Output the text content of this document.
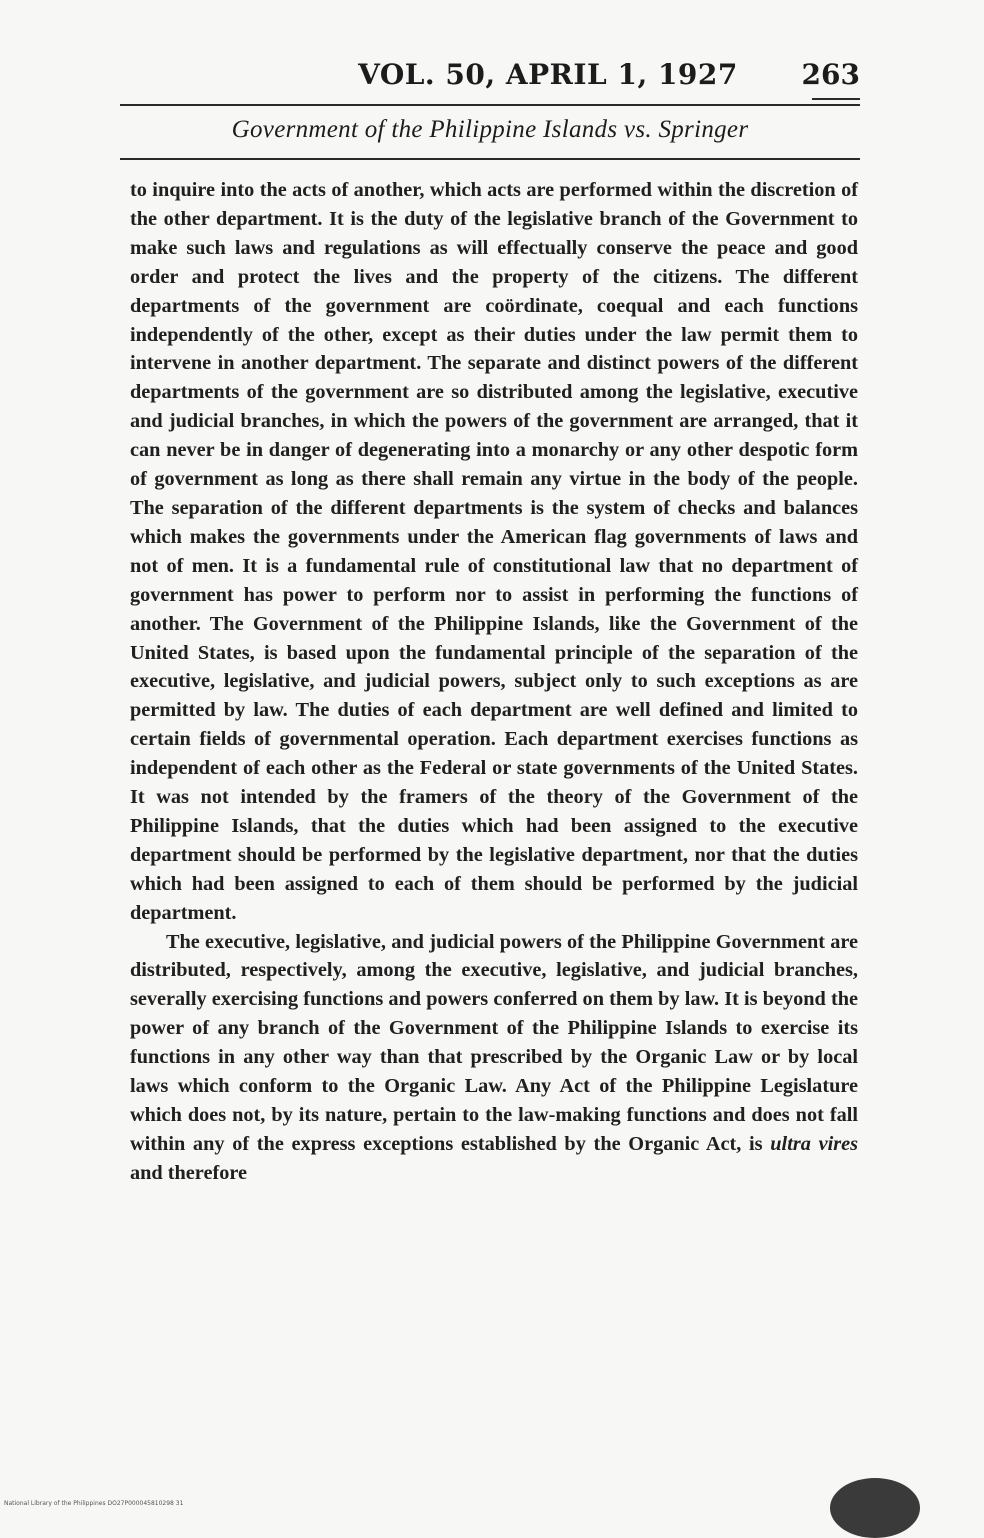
VOL. 50, APRIL 1, 1927	263
Government of the Philippine Islands vs. Springer

to inquire into the acts of another, which acts are performed within the discretion of the other department. It is the duty of the legislative branch of the Government to make such laws and regulations as will effectually conserve the peace and good order and protect the lives and the property of the citizens. The different departments of the government are coördinate, coequal and each functions independently of the other, except as their duties under the law permit them to intervene in another department. The separate and distinct powers of the different departments of the government are so distributed among the legislative, executive and judicial branches, in which the powers of the government are arranged, that it can never be in danger of degenerating into a monarchy or any other despotic form of government as long as there shall remain any virtue in the body of the people. The separation of the different departments is the system of checks and balances which makes the governments under the American flag governments of laws and not of men. It is a fundamental rule of constitutional law that no department of government has power to perform nor to assist in performing the functions of another. The Government of the Philippine Islands, like the Government of the United States, is based upon the fundamental principle of the separation of the executive, legislative, and judicial powers, subject only to such exceptions as are permitted by law. The duties of each department are well defined and limited to certain fields of governmental operation. Each department exercises functions as independent of each other as the Federal or state governments of the United States. It was not intended by the framers of the theory of the Government of the Philippine Islands, that the duties which had been assigned to the executive department should be performed by the legislative department, nor that the duties which had been assigned to each of them should be performed by the judicial department.

The executive, legislative, and judicial powers of the Philippine Government are distributed, respectively, among the executive, legislative, and judicial branches, severally exercising functions and powers conferred on them by law. It is beyond the power of any branch of the Government of the Philippine Islands to exercise its functions in any other way than that prescribed by the Organic Law or by local laws which conform to the Organic Law. Any Act of the Philippine Legislature which does not, by its nature, pertain to the law-making functions and does not fall within any of the express exceptions established by the Organic Act, is ultra vires and therefore

National Library of the Philippines DO27P000045810298 31
